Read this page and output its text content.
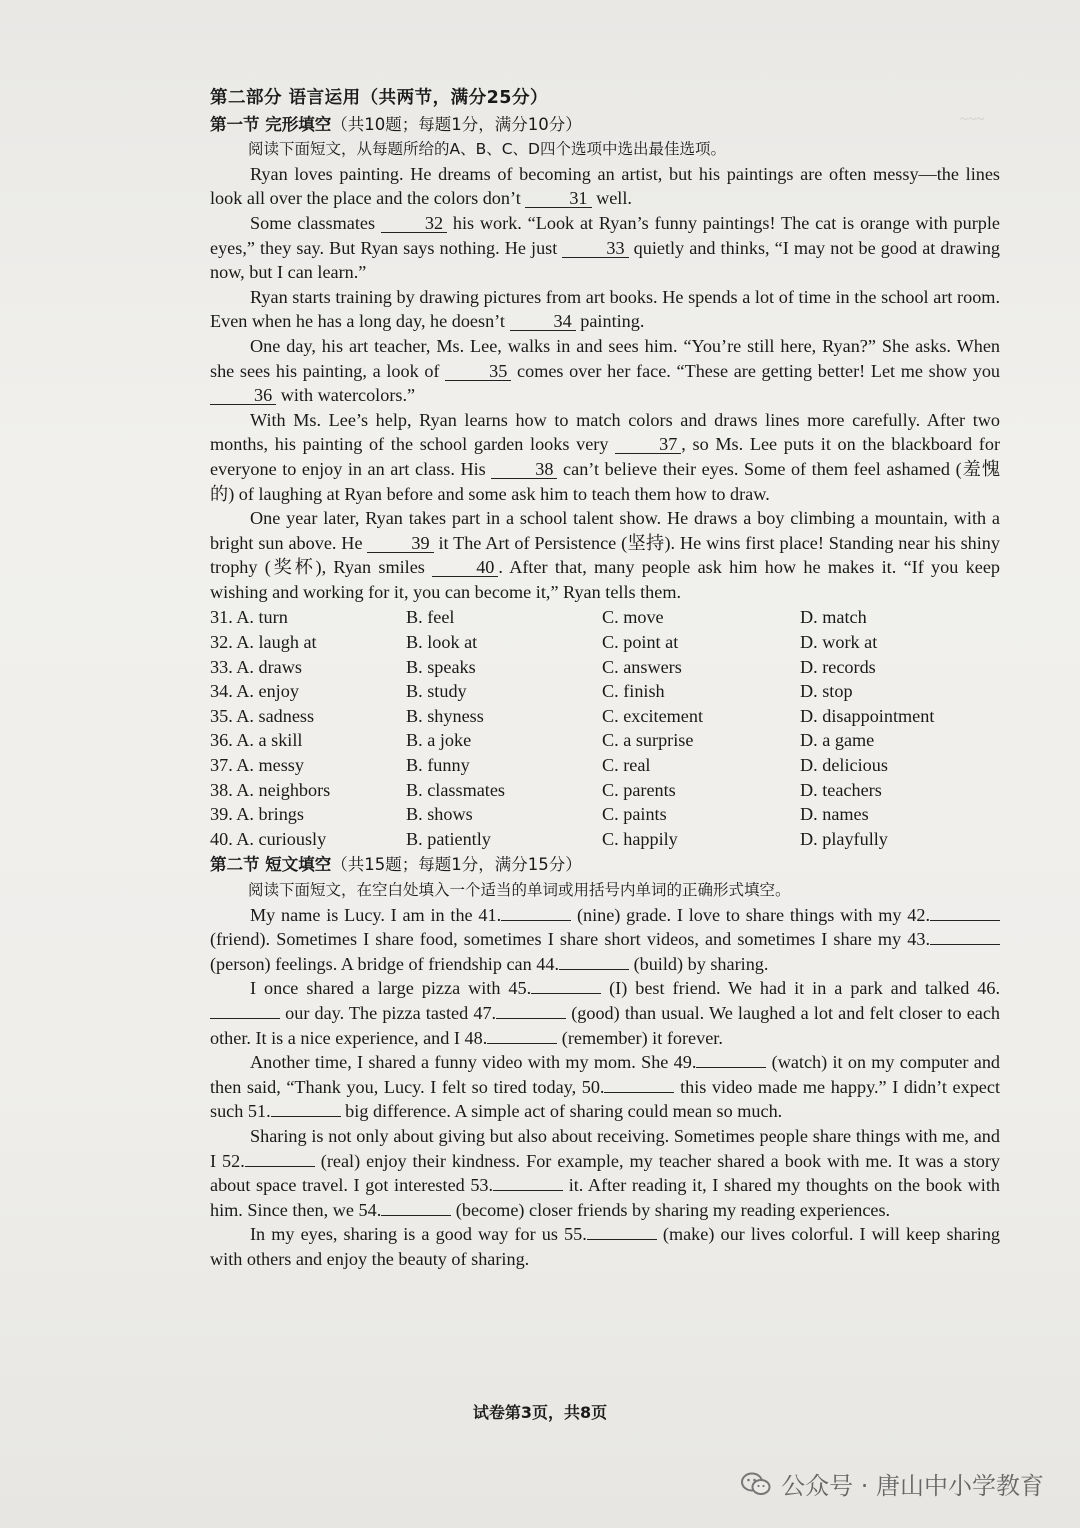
~~~
第二部分 语言运用（共两节，满分25分）
第一节 完形填空（共10题；每题1分，满分10分）
阅读下面短文，从每题所给的A、B、C、D四个选项中选出最佳选项。

Ryan loves painting. He dreams of becoming an artist, but his paintings are often messy—the lines look all over the place and the colors don’t	31 well.

Some classmates	32 his work. “Look at Ryan’s funny paintings! The cat is orange with purple eyes,” they say. But Ryan says nothing. He just	33 quietly and thinks, “I may not be good at drawing now, but I can learn.”

Ryan starts training by drawing pictures from art books. He spends a lot of time in the school art room. Even when he has a long day, he doesn’t	34 painting.

One day, his art teacher, Ms. Lee, walks in and sees him. “You’re still here, Ryan?” She asks. When she sees his painting, a look of	35 comes over her face. “These are getting better! Let me show you 36 with watercolors.”

With Ms. Lee’s help, Ryan learns how to match colors and draws lines more carefully. After two months, his painting of the school garden looks very	37 , so Ms. Lee puts it on the blackboard for everyone to enjoy in an art class. His	38 can’t believe their eyes. Some of them feel ashamed (羞愧的) of laughing at Ryan before and some ask him to teach them how to draw.

One year later, Ryan takes part in a school talent show. He draws a boy climbing a mountain, with a bright sun above. He	39 it The Art of Persistence (坚持). He wins first place! Standing near his shiny trophy (奖杯), Ryan smiles	40 . After that, many people ask him how he makes it. “If you keep wishing and working for it, you can become it,” Ryan tells them.

31. A. turn	B. feel	C. move	D. match
32. A. laugh at	B. look at	C. point at	D. work at
33. A. draws	B. speaks	C. answers	D. records
34. A. enjoy	B. study	C. finish	D. stop
35. A. sadness	B. shyness	C. excitement	D. disappointment
36. A. a skill	B. a joke	C. a surprise	D. a game
37. A. messy	B. funny	C. real	D. delicious
38. A. neighbors	B. classmates	C. parents	D. teachers
39. A. brings	B. shows	C. paints	D. names
40. A. curiously	B. patiently	C. happily	D. playfully
第二节 短文填空（共15题；每题1分，满分15分）
阅读下面短文，在空白处填入一个适当的单词或用括号内单词的正确形式填空。

My name is Lucy. I am in the 41.	(nine) grade. I love to share things with my 42. (friend). Sometimes I share food, sometimes I share short videos, and sometimes I share my 43. (person) feelings. A bridge of friendship can 44.	(build) by sharing.

I once shared a large pizza with 45.	(I) best friend. We had it in a park and talked 46. our day. The pizza tasted 47.	(good) than usual. We laughed a lot and felt closer to each other. It is a nice experience, and I 48.	(remember) it forever.

Another time, I shared a funny video with my mom. She 49.	(watch) it on my computer and then said, “Thank you, Lucy. I felt so tired today, 50.	this video made me happy.” I didn’t expect such 51.	big difference. A simple act of sharing could mean so much.

Sharing is not only about giving but also about receiving. Sometimes people share things with me, and I 52.	(real) enjoy their kindness. For example, my teacher shared a book with me. It was a story about space travel. I got interested 53.	it. After reading it, I shared my thoughts on the book with him. Since then, we 54.	(become) closer friends by sharing my reading experiences.

In my eyes, sharing is a good way for us 55.	(make) our lives colorful. I will keep sharing with others and enjoy the beauty of sharing.

试卷第3页，共8页
公众号 · 唐山中小学教育
